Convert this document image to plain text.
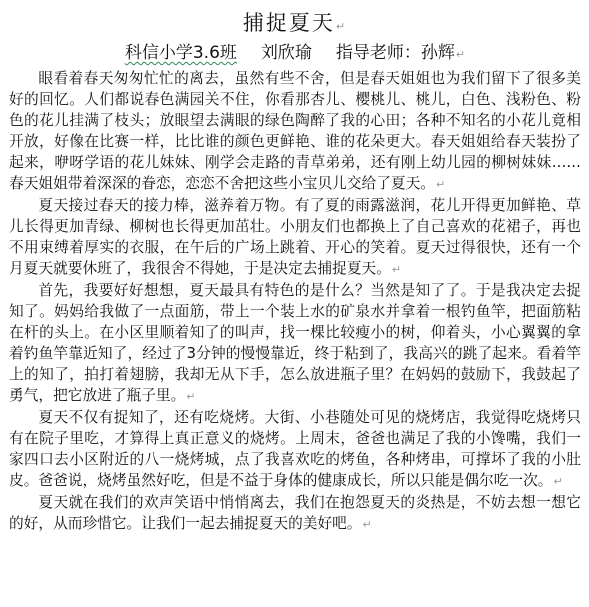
捕捉夏天↵
科信小学3.6班 刘欣瑜 指导老师：孙辉↵

眼看着春天匆匆忙忙的离去，虽然有些不舍，但是春天姐姐也为我们留下了很多美好的回忆。人们都说春色满园关不住，你看那杏儿、樱桃儿、桃儿，白色、浅粉色、粉色的花儿挂满了枝头；放眼望去满眼的绿色陶醉了我的心田；各种不知名的小花儿竟相开放，好像在比赛一样，比比谁的颜色更鲜艳、谁的花朵更大。春天姐姐给春天装扮了起来，咿呀学语的花儿妹妹、刚学会走路的青草弟弟，还有刚上幼儿园的柳树妹妹……春天姐姐带着深深的眷恋，恋恋不舍把这些小宝贝儿交给了夏天。↵

夏天接过春天的接力棒，滋养着万物。有了夏的雨露滋润，花儿开得更加鲜艳、草儿长得更加青绿、柳树也长得更加茁壮。小朋友们也都换上了自己喜欢的花裙子，再也不用束缚着厚实的衣服，在午后的广场上跳着、开心的笑着。夏天过得很快，还有一个月夏天就要休班了，我很舍不得她，于是决定去捕捉夏天。↵

首先，我要好好想想，夏天最具有特色的是什么？当然是知了了。于是我决定去捉知了。妈妈给我做了一点面筋，带上一个装上水的矿泉水并拿着一根钓鱼竿，把面筋粘在杆的头上。在小区里顺着知了的叫声，找一棵比较瘦小的树，仰着头，小心翼翼的拿着钓鱼竿靠近知了，经过了3分钟的慢慢靠近，终于粘到了，我高兴的跳了起来。看着竿上的知了，拍打着翅膀，我却无从下手，怎么放进瓶子里？在妈妈的鼓励下，我鼓起了勇气，把它放进了瓶子里。↵

夏天不仅有捉知了，还有吃烧烤。大街、小巷随处可见的烧烤店，我觉得吃烧烤只有在院子里吃，才算得上真正意义的烧烤。上周末，爸爸也满足了我的小馋嘴，我们一家四口去小区附近的八一烧烤城，点了我喜欢吃的烤鱼，各种烤串，可撑坏了我的小肚皮。爸爸说，烧烤虽然好吃，但是不益于身体的健康成长，所以只能是偶尔吃一次。↵

夏天就在我们的欢声笑语中悄悄离去，我们在抱怨夏天的炎热是，不妨去想一想它的好，从而珍惜它。让我们一起去捕捉夏天的美好吧。↵
